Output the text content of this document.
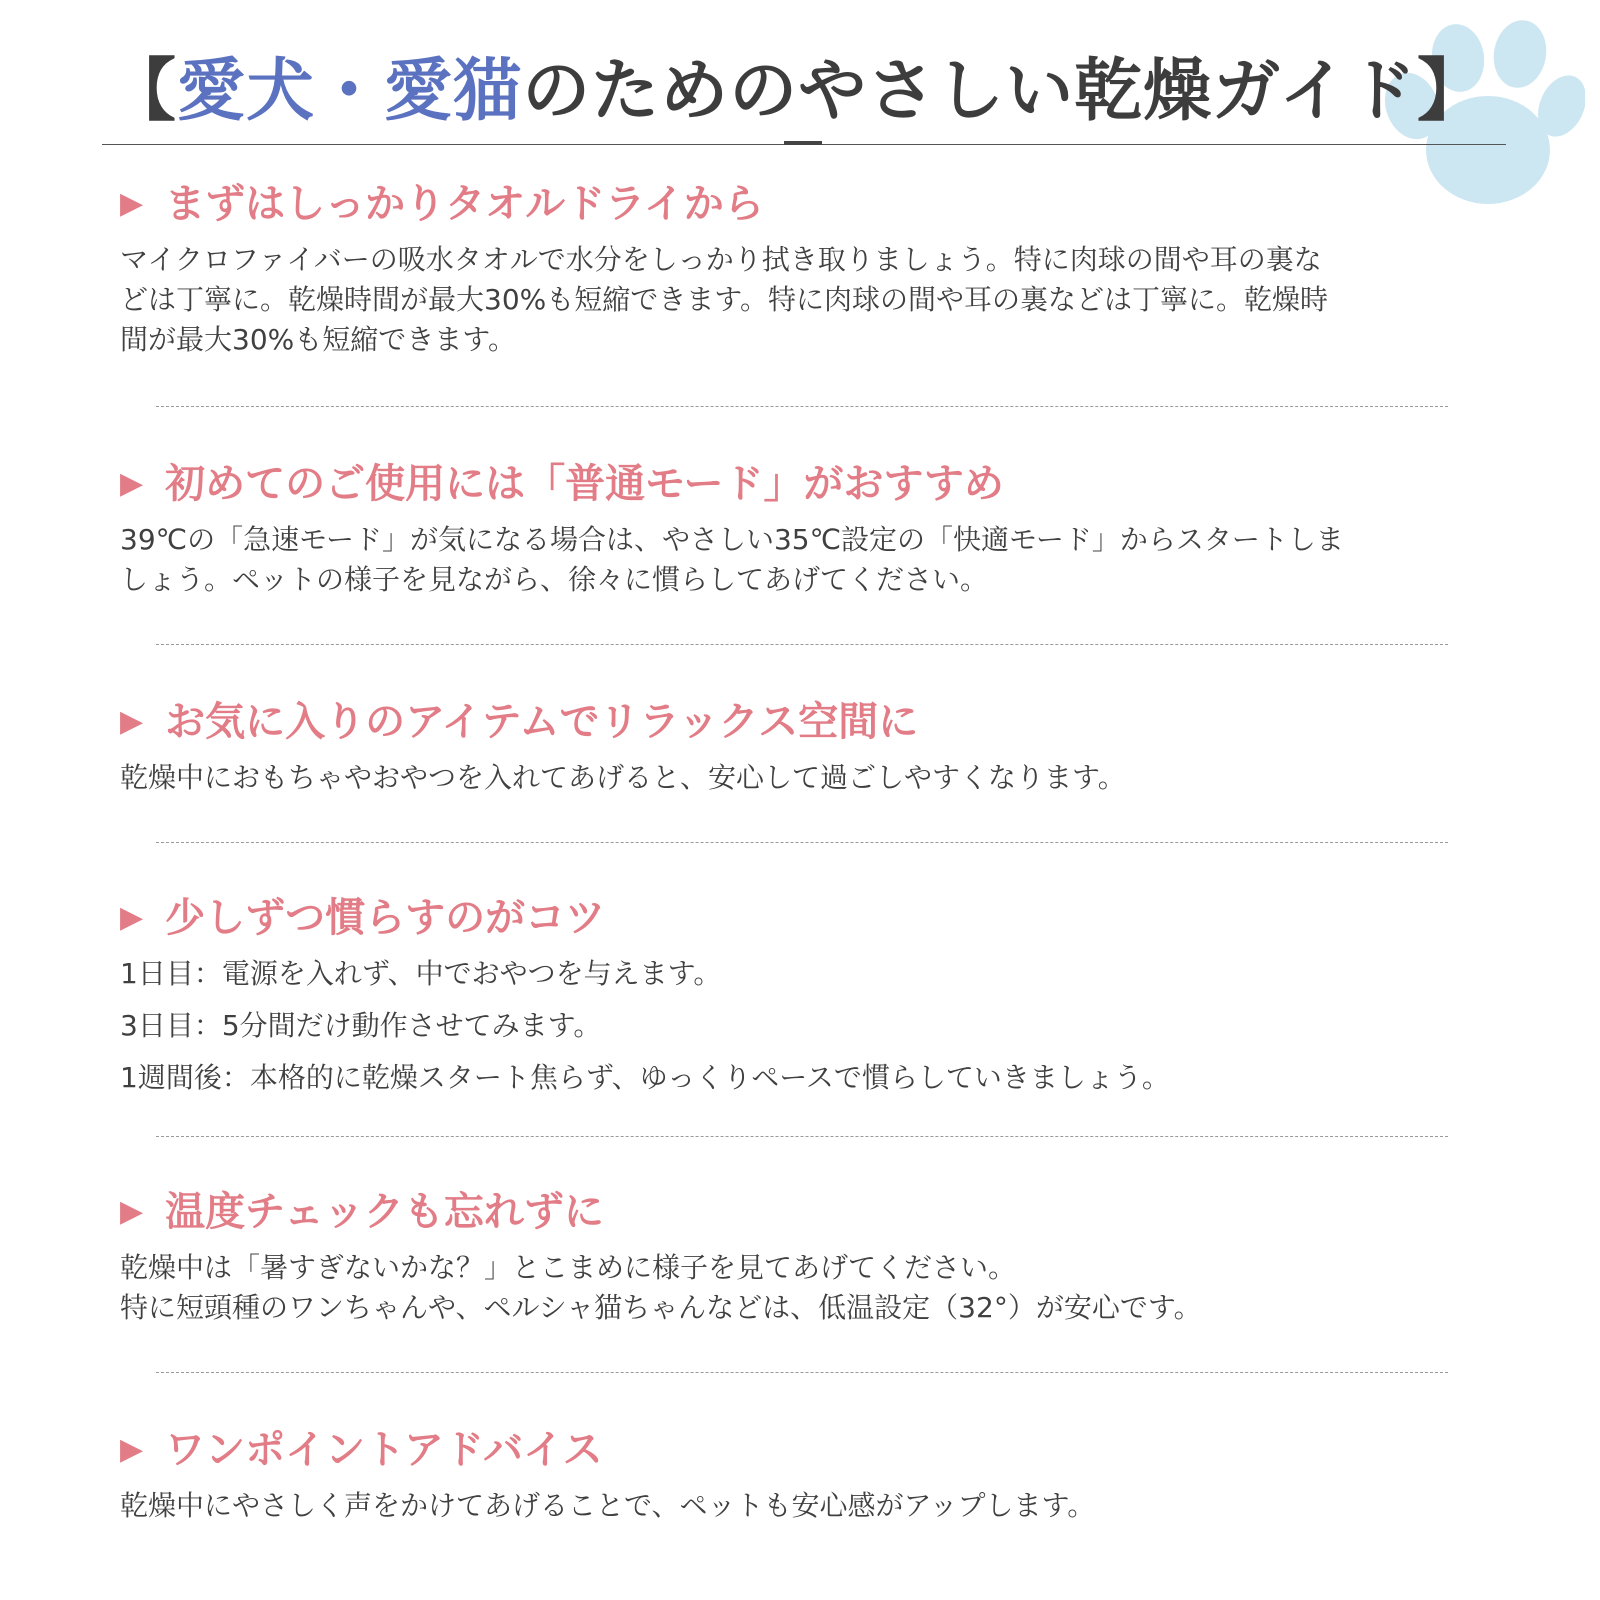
【愛犬・愛猫のためのやさしい乾燥ガイド】
▶ まずはしっかりタオルドライから
マイクロファイバーの吸水タオルで水分をしっかり拭き取りましょう。特に肉球の間や耳の裏な
どは丁寧に。乾燥時間が最大30%も短縮できます。特に肉球の間や耳の裏などは丁寧に。乾燥時
間が最大30%も短縮できます。
▶ 初めてのご使用には「普通モード」がおすすめ
39℃の「急速モード」が気になる場合は、やさしい35℃設定の「快適モード」からスタートしま
しょう。ペットの様子を見ながら、徐々に慣らしてあげてください。
▶ お気に入りのアイテムでリラックス空間に
乾燥中におもちゃやおやつを入れてあげると、安心して過ごしやすくなります。
▶ 少しずつ慣らすのがコツ
1日目：電源を入れず、中でおやつを与えます。
3日目：5分間だけ動作させてみます。
1週間後：本格的に乾燥スタート焦らず、ゆっくりペースで慣らしていきましょう。
▶ 温度チェックも忘れずに
乾燥中は「暑すぎないかな？」とこまめに様子を見てあげてください。
特に短頭種のワンちゃんや、ペルシャ猫ちゃんなどは、低温設定（32°）が安心です。
▶ ワンポイントアドバイス
乾燥中にやさしく声をかけてあげることで、ペットも安心感がアップします。
